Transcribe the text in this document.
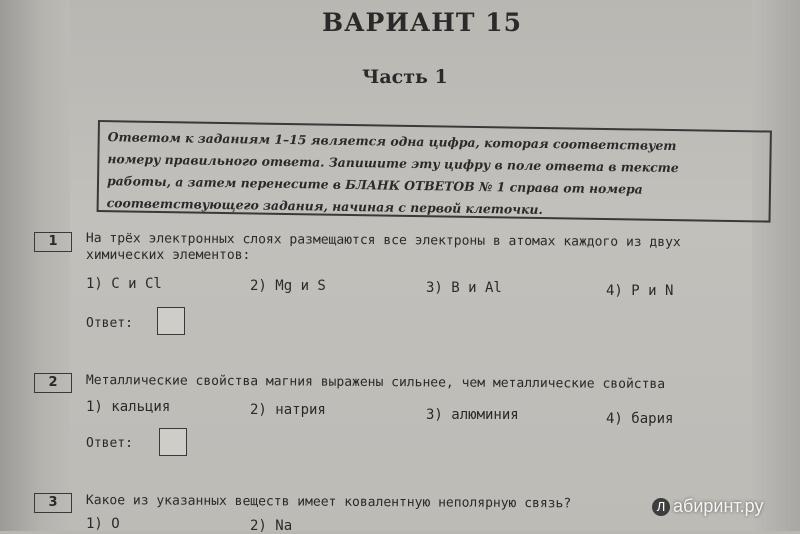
ВАРИАНТ 15
Часть 1

Ответом к заданиям 1–15 является одна цифра, которая соответствует

номеру правильного ответа. Запишите эту цифру в поле ответа в тексте

работы, а затем перенесите в БЛАНК ОТВЕТОВ № 1 справа от номера

соответствующего задания, начиная с первой клеточки.

1	На трёх электронных слоях размещаются все электроны в атомах каждого из двух
химических элементов:
1) C и Cl	2) Mg и S	3) B и Al	4) P и N
Ответ:
2	Металлические свойства магния выражены сильнее, чем металлические свойства
1) кальция	2) натрия	3) алюминия	4) бария
Ответ:
3	Какое из указанных веществ имеет ковалентную неполярную связь?
1) O	2) Na
Л абиринт.ру
